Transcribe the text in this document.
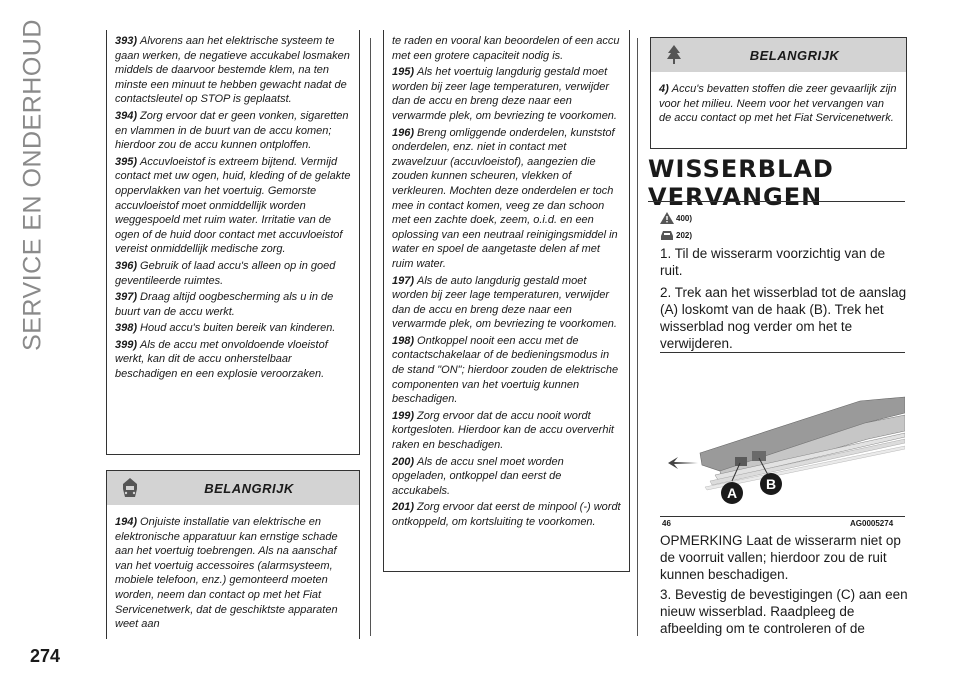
SERVICE EN ONDERHOUD
274
393) Alvorens aan het elektrische systeem te gaan werken, de negatieve accukabel losmaken middels de daarvoor bestemde klem, na ten minste een minuut te hebben gewacht nadat de contactsleutel op STOP is geplaatst.
394) Zorg ervoor dat er geen vonken, sigaretten en vlammen in de buurt van de accu komen; hierdoor zou de accu kunnen ontploffen.
395) Accuvloeistof is extreem bijtend. Vermijd contact met uw ogen, huid, kleding of de gelakte oppervlakken van het voertuig. Gemorste accuvloeistof moet onmiddellijk worden weggespoeld met ruim water. Irritatie van de ogen of de huid door contact met accuvloeistof vereist onmiddellijk medische zorg.
396) Gebruik of laad accu's alleen op in goed geventileerde ruimtes.
397) Draag altijd oogbescherming als u in de buurt van de accu werkt.
398) Houd accu's buiten bereik van kinderen.
399) Als de accu met onvoldoende vloeistof werkt, kan dit de accu onherstelbaar beschadigen en een explosie veroorzaken.
BELANGRIJK
194) Onjuiste installatie van elektrische en elektronische apparatuur kan ernstige schade aan het voertuig toebrengen. Als na aanschaf van het voertuig accessoires (alarmsysteem, mobiele telefoon, enz.) gemonteerd moeten worden, neem dan contact op met het Fiat Servicenetwerk, dat de geschiktste apparaten weet aan
te raden en vooral kan beoordelen of een accu met een grotere capaciteit nodig is.
195) Als het voertuig langdurig gestald moet worden bij zeer lage temperaturen, verwijder dan de accu en breng deze naar een verwarmde plek, om bevriezing te voorkomen.
196) Breng omliggende onderdelen, kunststof onderdelen, enz. niet in contact met zwavelzuur (accuvloeistof), aangezien die zouden kunnen scheuren, vlekken of verkleuren. Mochten deze onderdelen er toch mee in contact komen, veeg ze dan schoon met een zachte doek, zeem, o.i.d. en een oplossing van een neutraal reinigingsmiddel in water en spoel de aangetaste delen af met ruim water.
197) Als de auto langdurig gestald moet worden bij zeer lage temperaturen, verwijder dan de accu en breng deze naar een verwarmde plek, om bevriezing te voorkomen.
198) Ontkoppel nooit een accu met de contactschakelaar of de bedieningsmodus in de stand "ON"; hierdoor zouden de elektrische componenten van het voertuig kunnen beschadigen.
199) Zorg ervoor dat de accu nooit wordt kortgesloten. Hierdoor kan de accu oververhit raken en beschadigen.
200) Als de accu snel moet worden opgeladen, ontkoppel dan eerst de accukabels.
201) Zorg ervoor dat eerst de minpool (-) wordt ontkoppeld, om kortsluiting te voorkomen.
BELANGRIJK
4) Accu's bevatten stoffen die zeer gevaarlijk zijn voor het milieu. Neem voor het vervangen van de accu contact op met het Fiat Servicenetwerk.
WISSERBLAD
VERVANGEN
400)
202)
1. Til de wisserarm voorzichtig van de ruit.
2. Trek aan het wisserblad tot de aanslag (A) loskomt van de haak (B). Trek het wisserblad nog verder om het te verwijderen.
A
B
46	AG0005274
OPMERKING Laat de wisserarm niet op de voorruit vallen; hierdoor zou de ruit kunnen beschadigen.
3. Bevestig de bevestigingen (C) aan een nieuw wisserblad. Raadpleeg de afbeelding om te controleren of de
